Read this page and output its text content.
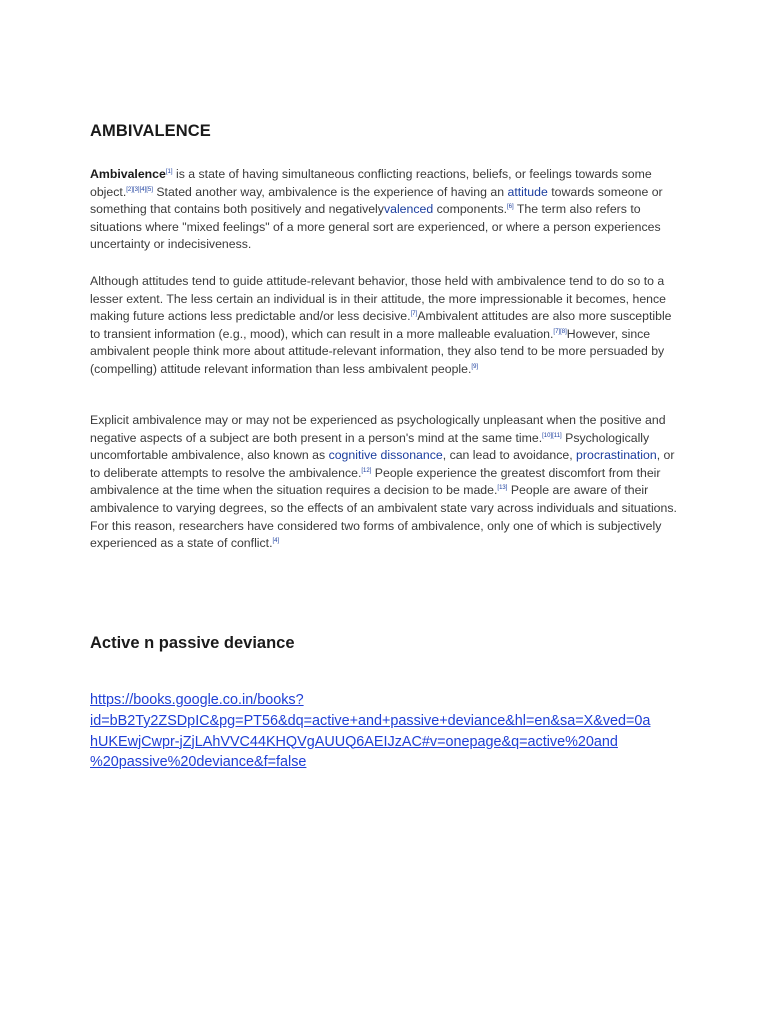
AMBIVALENCE

Ambivalence[1] is a state of having simultaneous conflicting reactions, beliefs, or feelings towards some object.[2][3][4][5] Stated another way, ambivalence is the experience of having an attitude towards someone or something that contains both positively and negativelyvalenced components.[6] The term also refers to situations where "mixed feelings" of a more general sort are experienced, or where a person experiences uncertainty or indecisiveness.

Although attitudes tend to guide attitude-relevant behavior, those held with ambivalence tend to do so to a lesser extent. The less certain an individual is in their attitude, the more impressionable it becomes, hence making future actions less predictable and/or less decisive.[7]Ambivalent attitudes are also more susceptible to transient information (e.g., mood), which can result in a more malleable evaluation.[7][8]However, since ambivalent people think more about attitude-relevant information, they also tend to be more persuaded by (compelling) attitude relevant information than less ambivalent people.[9]

Explicit ambivalence may or may not be experienced as psychologically unpleasant when the positive and negative aspects of a subject are both present in a person's mind at the same time.[10][11] Psychologically uncomfortable ambivalence, also known as cognitive dissonance, can lead to avoidance, procrastination, or to deliberate attempts to resolve the ambivalence.[12] People experience the greatest discomfort from their ambivalence at the time when the situation requires a decision to be made.[13] People are aware of their ambivalence to varying degrees, so the effects of an ambivalent state vary across individuals and situations. For this reason, researchers have considered two forms of ambivalence, only one of which is subjectively experienced as a state of conflict.[4]

Active n passive deviance
https://books.google.co.in/books?
id=bB2Ty2ZSDpIC&pg=PT56&dq=active+and+passive+deviance&hl=en&sa=X&ved=0a
hUKEwjCwpr-jZjLAhVVC44KHQVgAUUQ6AEIJzAC#v=onepage&q=active%20and
%20passive%20deviance&f=false
